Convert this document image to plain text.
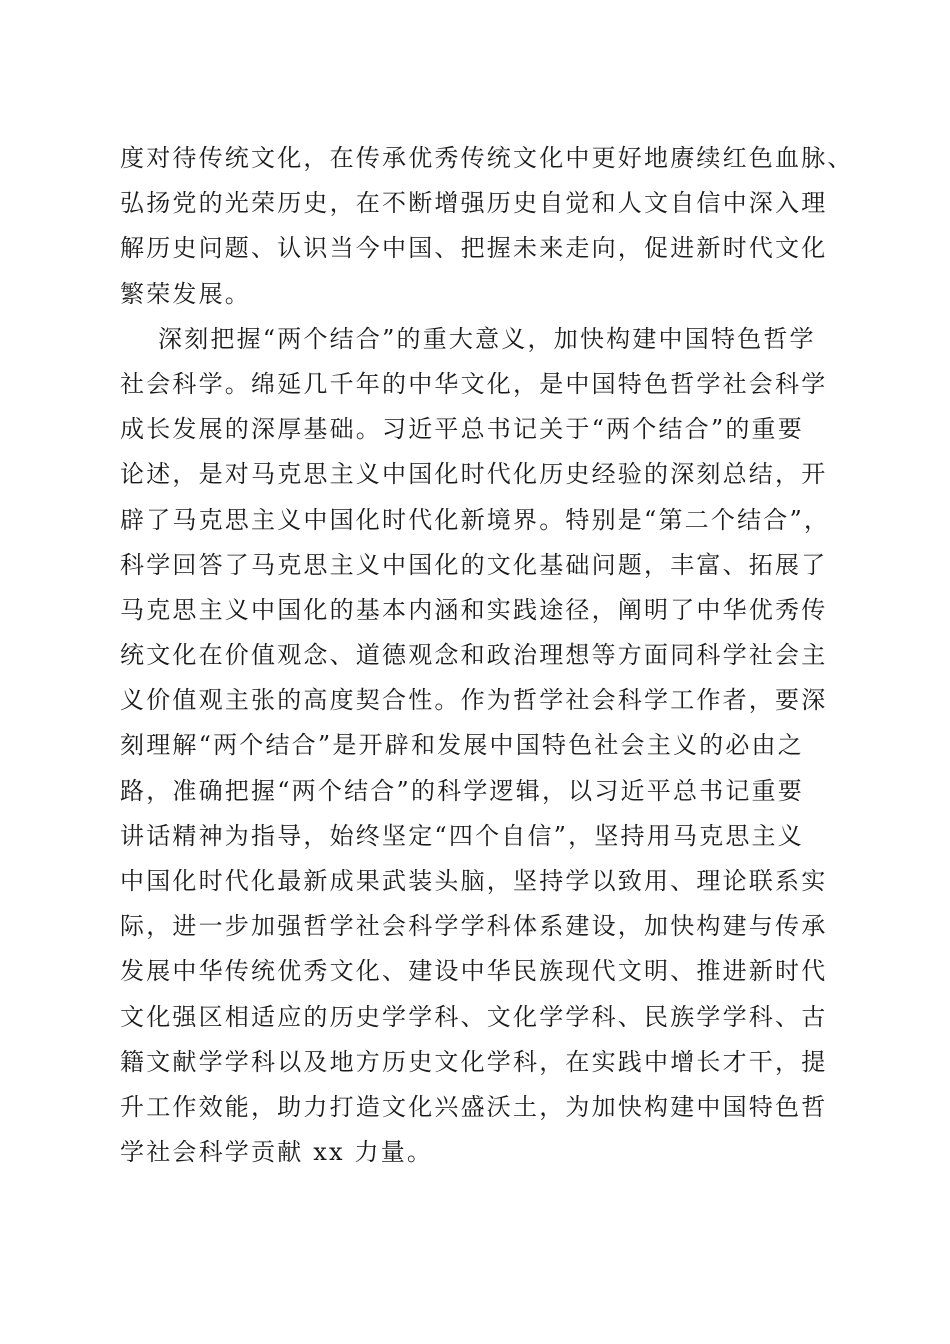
度对待传统文化，在传承优秀传统文化中更好地赓续红色血脉、
弘扬党的光荣历史，在不断增强历史自觉和人文自信中深入理
解历史问题、认识当今中国、把握未来走向，促进新时代文化
繁荣发展。
深刻把握“两个结合”的重大意义，加快构建中国特色哲学
社会科学。绵延几千年的中华文化，是中国特色哲学社会科学
成长发展的深厚基础。习近平总书记关于“两个结合”的重要
论述，是对马克思主义中国化时代化历史经验的深刻总结，开
辟了马克思主义中国化时代化新境界。特别是“第二个结合”，
科学回答了马克思主义中国化的文化基础问题，丰富、拓展了
马克思主义中国化的基本内涵和实践途径，阐明了中华优秀传
统文化在价值观念、道德观念和政治理想等方面同科学社会主
义价值观主张的高度契合性。作为哲学社会科学工作者，要深
刻理解“两个结合”是开辟和发展中国特色社会主义的必由之
路，准确把握“两个结合”的科学逻辑，以习近平总书记重要
讲话精神为指导，始终坚定“四个自信”，坚持用马克思主义
中国化时代化最新成果武装头脑，坚持学以致用、理论联系实
际，进一步加强哲学社会科学学科体系建设，加快构建与传承
发展中华传统优秀文化、建设中华民族现代文明、推进新时代
文化强区相适应的历史学学科、文化学学科、民族学学科、古
籍文献学学科以及地方历史文化学科，在实践中增长才干，提
升工作效能，助力打造文化兴盛沃土，为加快构建中国特色哲
学社会科学贡献 xx 力量。
